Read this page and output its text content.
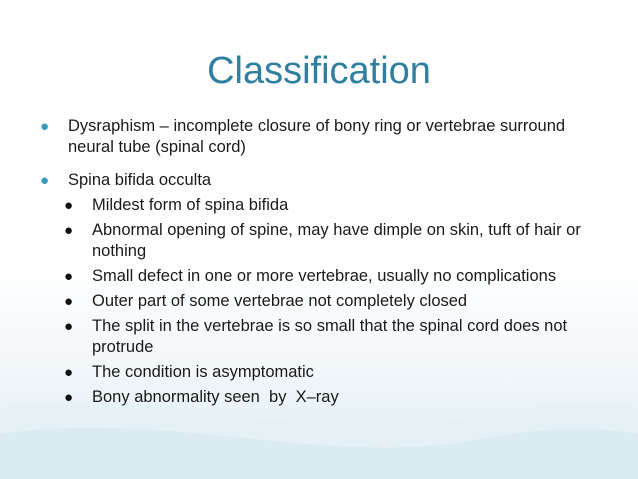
Classification
● Dysraphism – incomplete closure of bony ring or vertebrae surround neural tube (spinal cord)
● Spina bifida occulta
● Mildest form of spina bifida
● Abnormal opening of spine, may have dimple on skin, tuft of hair or nothing
● Small defect in one or more vertebrae, usually no complications
● Outer part of some vertebrae not completely closed
● The split in the vertebrae is so small that the spinal cord does not protrude
● The condition is asymptomatic
● Bony abnormality seen  by  X–ray
